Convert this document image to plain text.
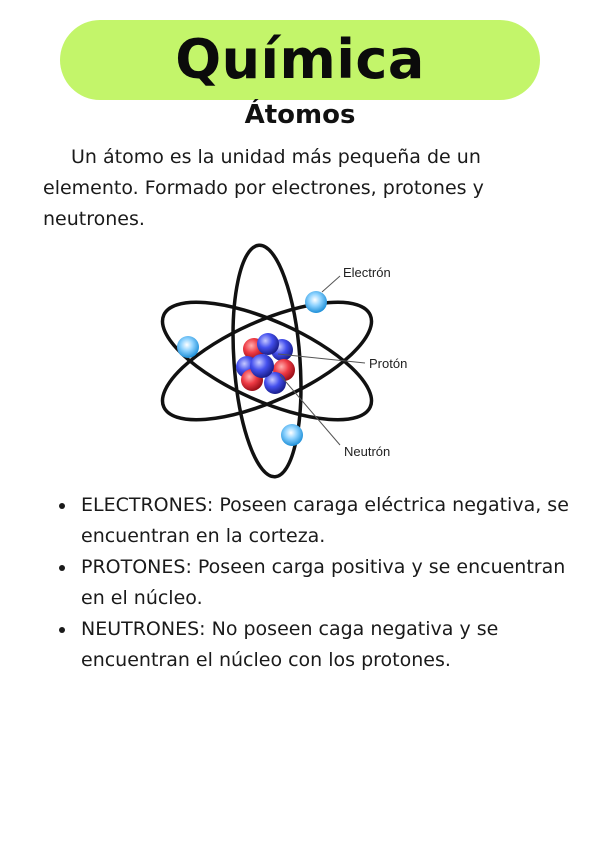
Química
Átomos

Un átomo es la unidad más pequeña de un elemento. Formado por electrones, protones y neutrones.

Electrón
Protón
Neutrón
ELECTRONES: Poseen caraga eléctrica negativa, se encuentran en la corteza.
PROTONES: Poseen carga positiva y se encuentran en el núcleo.
NEUTRONES: No poseen caga negativa y se encuentran el núcleo con los protones.
